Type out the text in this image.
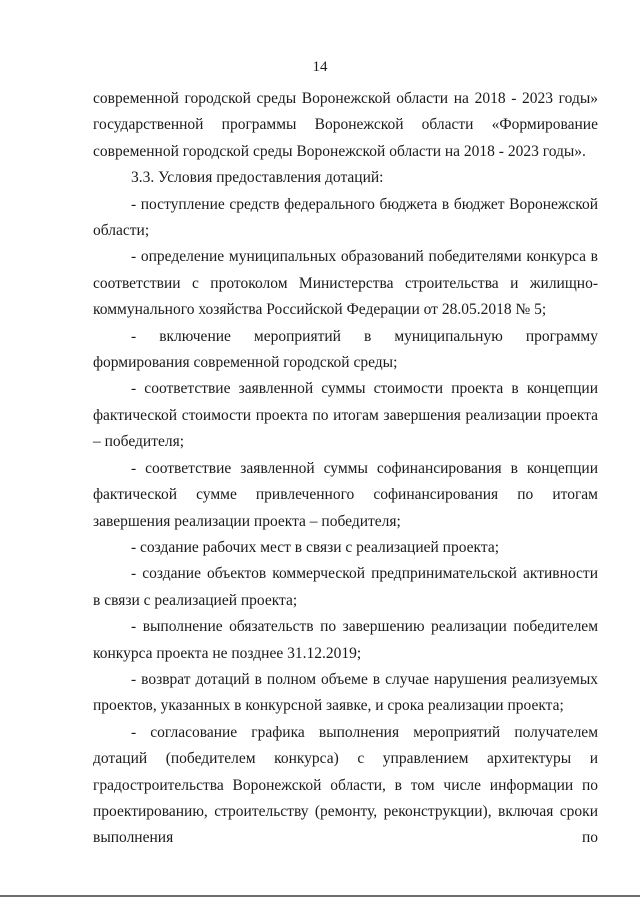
14

современной городской среды Воронежской области на 2018 - 2023 годы» государственной программы Воронежской области «Формирование современной городской среды Воронежской области на 2018 - 2023 годы».

3.3. Условия предоставления дотаций:

- поступление средств федерального бюджета в бюджет Воронежской области;

- определение муниципальных образований победителями конкурса в соответствии с протоколом Министерства строительства и жилищно-коммунального хозяйства Российской Федерации от 28.05.2018 № 5;

- включение мероприятий в муниципальную программу формирования современной городской среды;

- соответствие заявленной суммы стоимости проекта в концепции фактической стоимости проекта по итогам завершения реализации проекта – победителя;

- соответствие заявленной суммы софинансирования в концепции фактической сумме привлеченного софинансирования по итогам завершения реализации проекта – победителя;

- создание рабочих мест в связи с реализацией проекта;

- создание объектов коммерческой предпринимательской активности в связи с реализацией проекта;

- выполнение обязательств по завершению реализации победителем конкурса проекта не позднее 31.12.2019;

- возврат дотаций в полном объеме в случае нарушения реализуемых проектов, указанных в конкурсной заявке, и срока реализации проекта;

- согласование графика выполнения мероприятий получателем дотаций (победителем конкурса) с управлением архитектуры и градостроительства Воронежской области, в том числе информации по проектированию, строительству (ремонту, реконструкции), включая сроки выполнения по
